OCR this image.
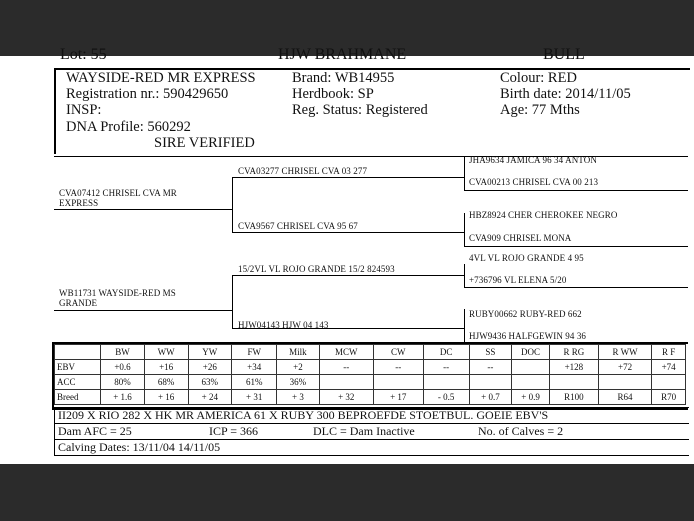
Lot: 55	HJW BRAHMANE	BULL
WAYSIDE-RED MR EXPRESS
Registration nr.: 590429650
INSP:
DNA Profile: 560292
SIRE VERIFIED
Brand: WB14955
Herdbook: SP
Reg. Status: Registered
Colour: RED
Birth date: 2014/11/05
Age: 77 Mths
CVA07412 CHRISEL CVA MR
EXPRESS
WB11731 WAYSIDE-RED MS
GRANDE
CVA03277 CHRISEL CVA 03 277
CVA9567 CHRISEL CVA 95 67
15/2VL VL ROJO GRANDE 15/2 824593
HJW04143 HJW 04 143
JHA9634 JAMICA 96 34 ANTON
CVA00213 CHRISEL CVA 00 213
HBZ8924 CHER CHEROKEE NEGRO
CVA909 CHRISEL MONA
4VL VL ROJO GRANDE 4 95
+736796 VL ELENA 5/20
RUBY00662 RUBY-RED 662
HJW9436 HALFGEWIN 94 36
	BW	WW	YW	FW	Milk	MCW	CW	DC	SS	DOC	R RG	R WW	R F
EBV	+0.6	+16	+26	+34	+2	--	--	--	--		+128	+72	+74
ACC	80%	68%	63%	61%	36%								
Breed	+ 1.6	+ 16	+ 24	+ 31	+ 3	+ 32	+ 17	- 0.5	+ 0.7	+ 0.9	R100	R64	R70
II209 X RIO 282 X HK MR AMERICA 61 X RUBY 300 BEPROEFDE STOETBUL. GOEIE EBV'S
Dam AFC = 25	ICP = 366	DLC = Dam Inactive	No. of Calves = 2
Calving Dates: 13/11/04 14/11/05
